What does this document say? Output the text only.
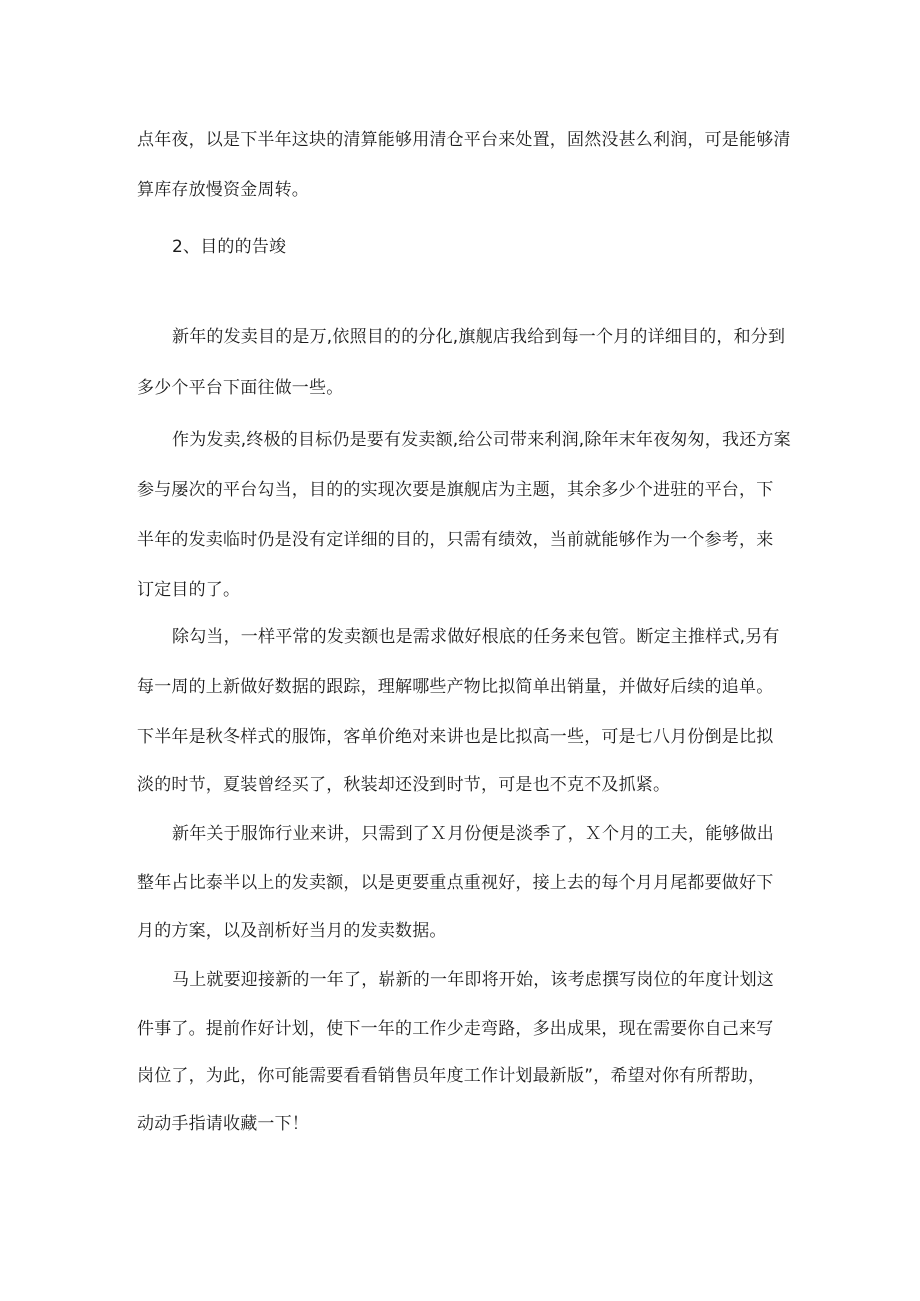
点年夜，以是下半年这块的清算能够用清仓平台来处置，固然没甚么利润，可是能够清

算库存放慢资金周转。

2、目的的告竣

新年的发卖目的是万,依照目的的分化,旗舰店我给到每一个月的详细目的，和分到

多少个平台下面往做一些。

作为发卖,终极的目标仍是要有发卖额,给公司带来利润,除年末年夜匆匆，我还方案

参与屡次的平台勾当，目的的实现次要是旗舰店为主题，其余多少个进驻的平台，下

半年的发卖临时仍是没有定详细的目的，只需有绩效，当前就能够作为一个参考，来

订定目的了。

除勾当，一样平常的发卖额也是需求做好根底的任务来包管。断定主推样式,另有

每一周的上新做好数据的跟踪，理解哪些产物比拟简单出销量，并做好后续的追单。

下半年是秋冬样式的服饰，客单价绝对来讲也是比拟高一些，可是七八月份倒是比拟

淡的时节，夏装曾经买了，秋装却还没到时节，可是也不克不及抓紧。

新年关于服饰行业来讲，只需到了Ｘ月份便是淡季了，Ｘ个月的工夫，能够做出

整年占比泰半以上的发卖额，以是更要重点重视好，接上去的每个月月尾都要做好下

月的方案，以及剖析好当月的发卖数据。

马上就要迎接新的一年了，崭新的一年即将开始，该考虑撰写岗位的年度计划这

件事了。提前作好计划，使下一年的工作少走弯路，多出成果，现在需要你自己来写

岗位了，为此，你可能需要看看销售员年度工作计划最新版”，希望对你有所帮助，

动动手指请收藏一下！
